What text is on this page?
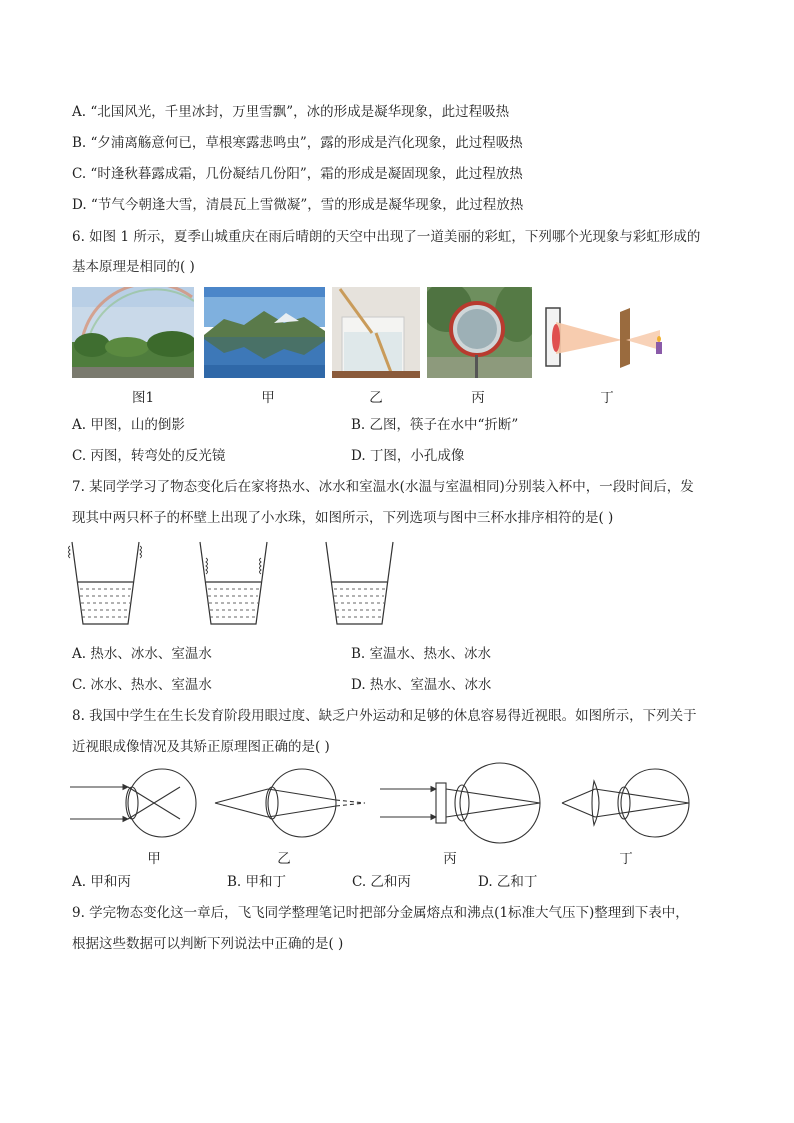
A. “北国风光，千里冰封，万里雪飘”，冰的形成是凝华现象，此过程吸热
B. “夕浦离觞意何已，草根寒露悲鸣虫”，露的形成是汽化现象，此过程吸热
C. “时逢秋暮露成霜，几份凝结几份阳”，霜的形成是凝固现象，此过程放热
D. “节气今朝逢大雪，清晨瓦上雪微凝”，雪的形成是凝华现象，此过程放热
6. 如图 1 所示，夏季山城重庆在雨后晴朗的天空中出现了一道美丽的彩虹，下列哪个光现象与彩虹形成的
基本原理是相同的( )
图1	甲	乙	丙	丁
A. 甲图，山的倒影	B. 乙图，筷子在水中“折断”
C. 丙图，转弯处的反光镜	D. 丁图，小孔成像
7. 某同学学习了物态变化后在家将热水、冰水和室温水(水温与室温相同)分别装入杯中，一段时间后，发
现其中两只杯子的杯壁上出现了小水珠，如图所示，下列选项与图中三杯水排序相符的是( )
A. 热水、冰水、室温水	B. 室温水、热水、冰水
C. 冰水、热水、室温水	D. 热水、室温水、冰水
8. 我国中学生在生长发育阶段用眼过度、缺乏户外运动和足够的休息容易得近视眼。如图所示，下列关于
近视眼成像情况及其矫正原理图正确的是( )
甲	乙	丙	丁
A. 甲和丙	B. 甲和丁	C. 乙和丙	D. 乙和丁
9. 学完物态变化这一章后，飞飞同学整理笔记时把部分金属熔点和沸点(1标准大气压下)整理到下表中，
根据这些数据可以判断下列说法中正确的是( )
